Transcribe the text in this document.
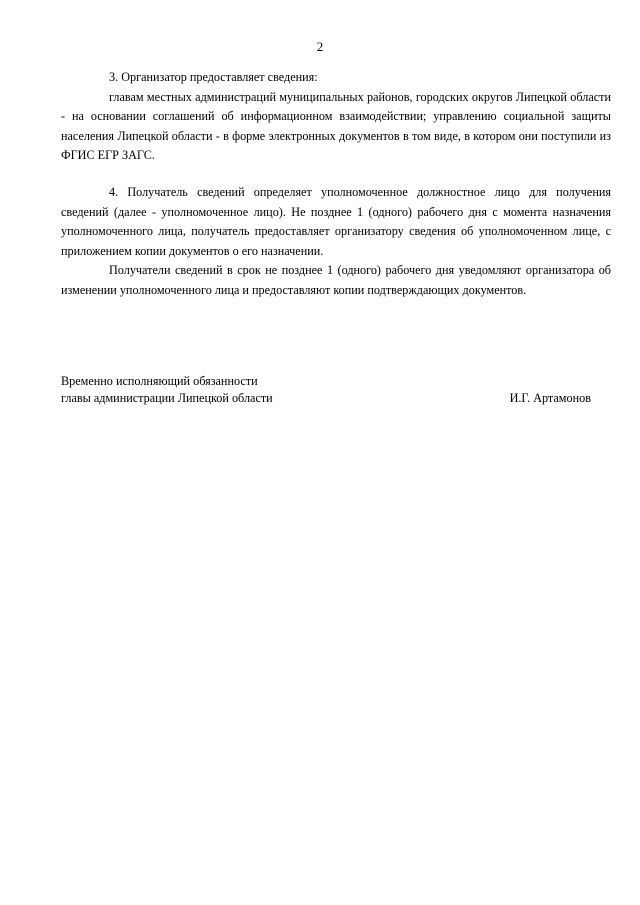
2

3. Организатор предоставляет сведения:

главам местных администраций муниципальных районов, городских округов Липецкой области - на основании соглашений об информационном взаимодействии; управлению социальной защиты населения Липецкой области - в форме электронных документов в том виде, в котором они поступили из ФГИС ЕГР ЗАГС.

4. Получатель сведений определяет уполномоченное должностное лицо для получения сведений (далее - уполномоченное лицо). Не позднее 1 (одного) рабочего дня с момента назначения уполномоченного лица, получатель предоставляет организатору сведения об уполномоченном лице, с приложением копии документов о его назначении.

Получатели сведений в срок не позднее 1 (одного) рабочего дня уведомляют организатора об изменении уполномоченного лица и предоставляют копии подтверждающих документов.

Временно исполняющий обязанности
главы администрации Липецкой области	И.Г. Артамонов
